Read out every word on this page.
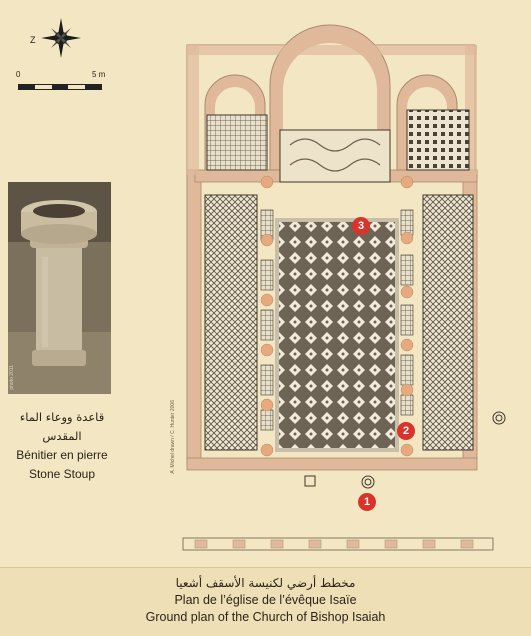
Z
0	5 m
photo 2011
قاعدة ووعاء الماء المقدس
Bénitier en pierre
Stone Stoup
A. Michel drawn / C. Hunter 2006
3
2
1
مخطط أرضي لكنيسة الأسقف أشعيا
Plan de l’église de l’évêque Isaïe
Ground plan of the Church of Bishop Isaiah
